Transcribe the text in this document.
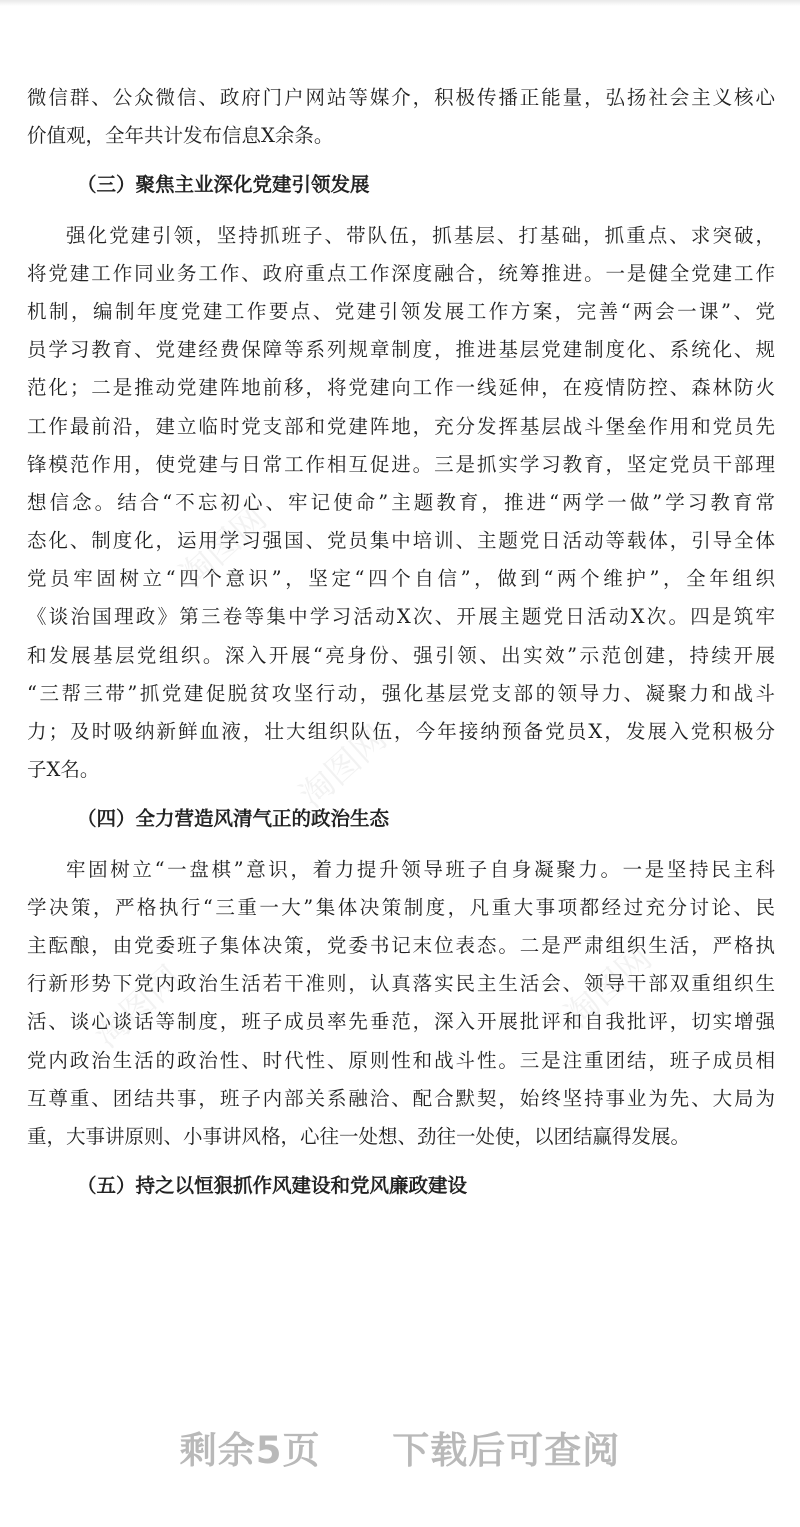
淘图网
淘图网
淘图网	淘图网
微信群、公众微信、政府门户网站等媒介，积极传播正能量，弘扬社会主义核心
价值观，全年共计发布信息X余条。
（三）聚焦主业深化党建引领发展
强化党建引领，坚持抓班子、带队伍，抓基层、打基础，抓重点、求突破，
将党建工作同业务工作、政府重点工作深度融合，统筹推进。一是健全党建工作
机制，编制年度党建工作要点、党建引领发展工作方案，完善“两会一课”、党
员学习教育、党建经费保障等系列规章制度，推进基层党建制度化、系统化、规
范化；二是推动党建阵地前移，将党建向工作一线延伸，在疫情防控、森林防火
工作最前沿，建立临时党支部和党建阵地，充分发挥基层战斗堡垒作用和党员先
锋模范作用，使党建与日常工作相互促进。三是抓实学习教育，坚定党员干部理
想信念。结合“不忘初心、牢记使命”主题教育，推进“两学一做”学习教育常
态化、制度化，运用学习强国、党员集中培训、主题党日活动等载体，引导全体
党员牢固树立“四个意识”，坚定“四个自信”，做到“两个维护”，全年组织
《谈治国理政》第三卷等集中学习活动X次、开展主题党日活动X次。四是筑牢
和发展基层党组织。深入开展“亮身份、强引领、出实效”示范创建，持续开展
“三帮三带”抓党建促脱贫攻坚行动，强化基层党支部的领导力、凝聚力和战斗
力；及时吸纳新鲜血液，壮大组织队伍，今年接纳预备党员X，发展入党积极分
子X名。
（四）全力营造风清气正的政治生态
牢固树立“一盘棋”意识，着力提升领导班子自身凝聚力。一是坚持民主科
学决策，严格执行“三重一大”集体决策制度，凡重大事项都经过充分讨论、民
主酝酿，由党委班子集体决策，党委书记末位表态。二是严肃组织生活，严格执
行新形势下党内政治生活若干准则，认真落实民主生活会、领导干部双重组织生
活、谈心谈话等制度，班子成员率先垂范，深入开展批评和自我批评，切实增强
党内政治生活的政治性、时代性、原则性和战斗性。三是注重团结，班子成员相
互尊重、团结共事，班子内部关系融洽、配合默契，始终坚持事业为先、大局为
重，大事讲原则、小事讲风格，心往一处想、劲往一处使，以团结赢得发展。
（五）持之以恒狠抓作风建设和党风廉政建设
剩余5页 下载后可查阅
